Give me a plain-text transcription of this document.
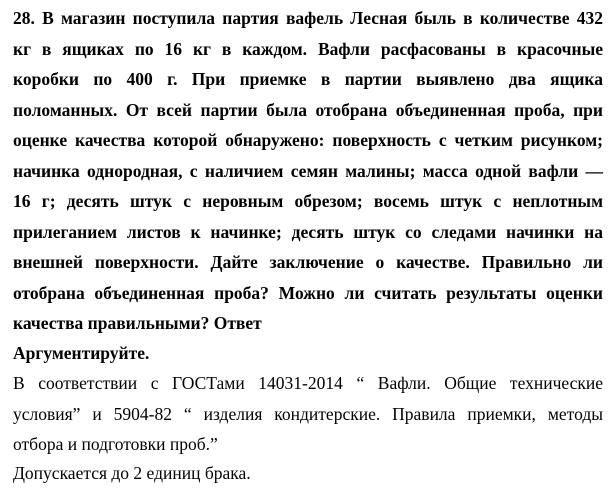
28. В магазин поступила партия вафель Лесная быль в количестве 432
кг в ящиках по 16 кг в каждом. Вафли расфасованы в красочные
коробки по 400 г. При приемке в партии выявлено два ящика
поломанных. От всей партии была отобрана объединенная проба, при
оценке качества которой обнаружено: поверхность с четким рисунком;
начинка однородная, с наличием семян малины; масса одной вафли —
16 г; десять штук с неровным обрезом; восемь штук с неплотным
прилеганием листов к начинке; десять штук со следами начинки на
внешней поверхности. Дайте заключение о качестве. Правильно ли
отобрана объединенная проба? Можно ли считать результаты оценки
качества правильными? Ответ

Аргументируйте.

В соответствии с ГОСТами 14031-2014 “ Вафли. Общие технические
условия” и 5904-82 “ изделия кондитерские. Правила приемки, методы
отбора и подготовки проб.”

Допускается до 2 единиц брака.
